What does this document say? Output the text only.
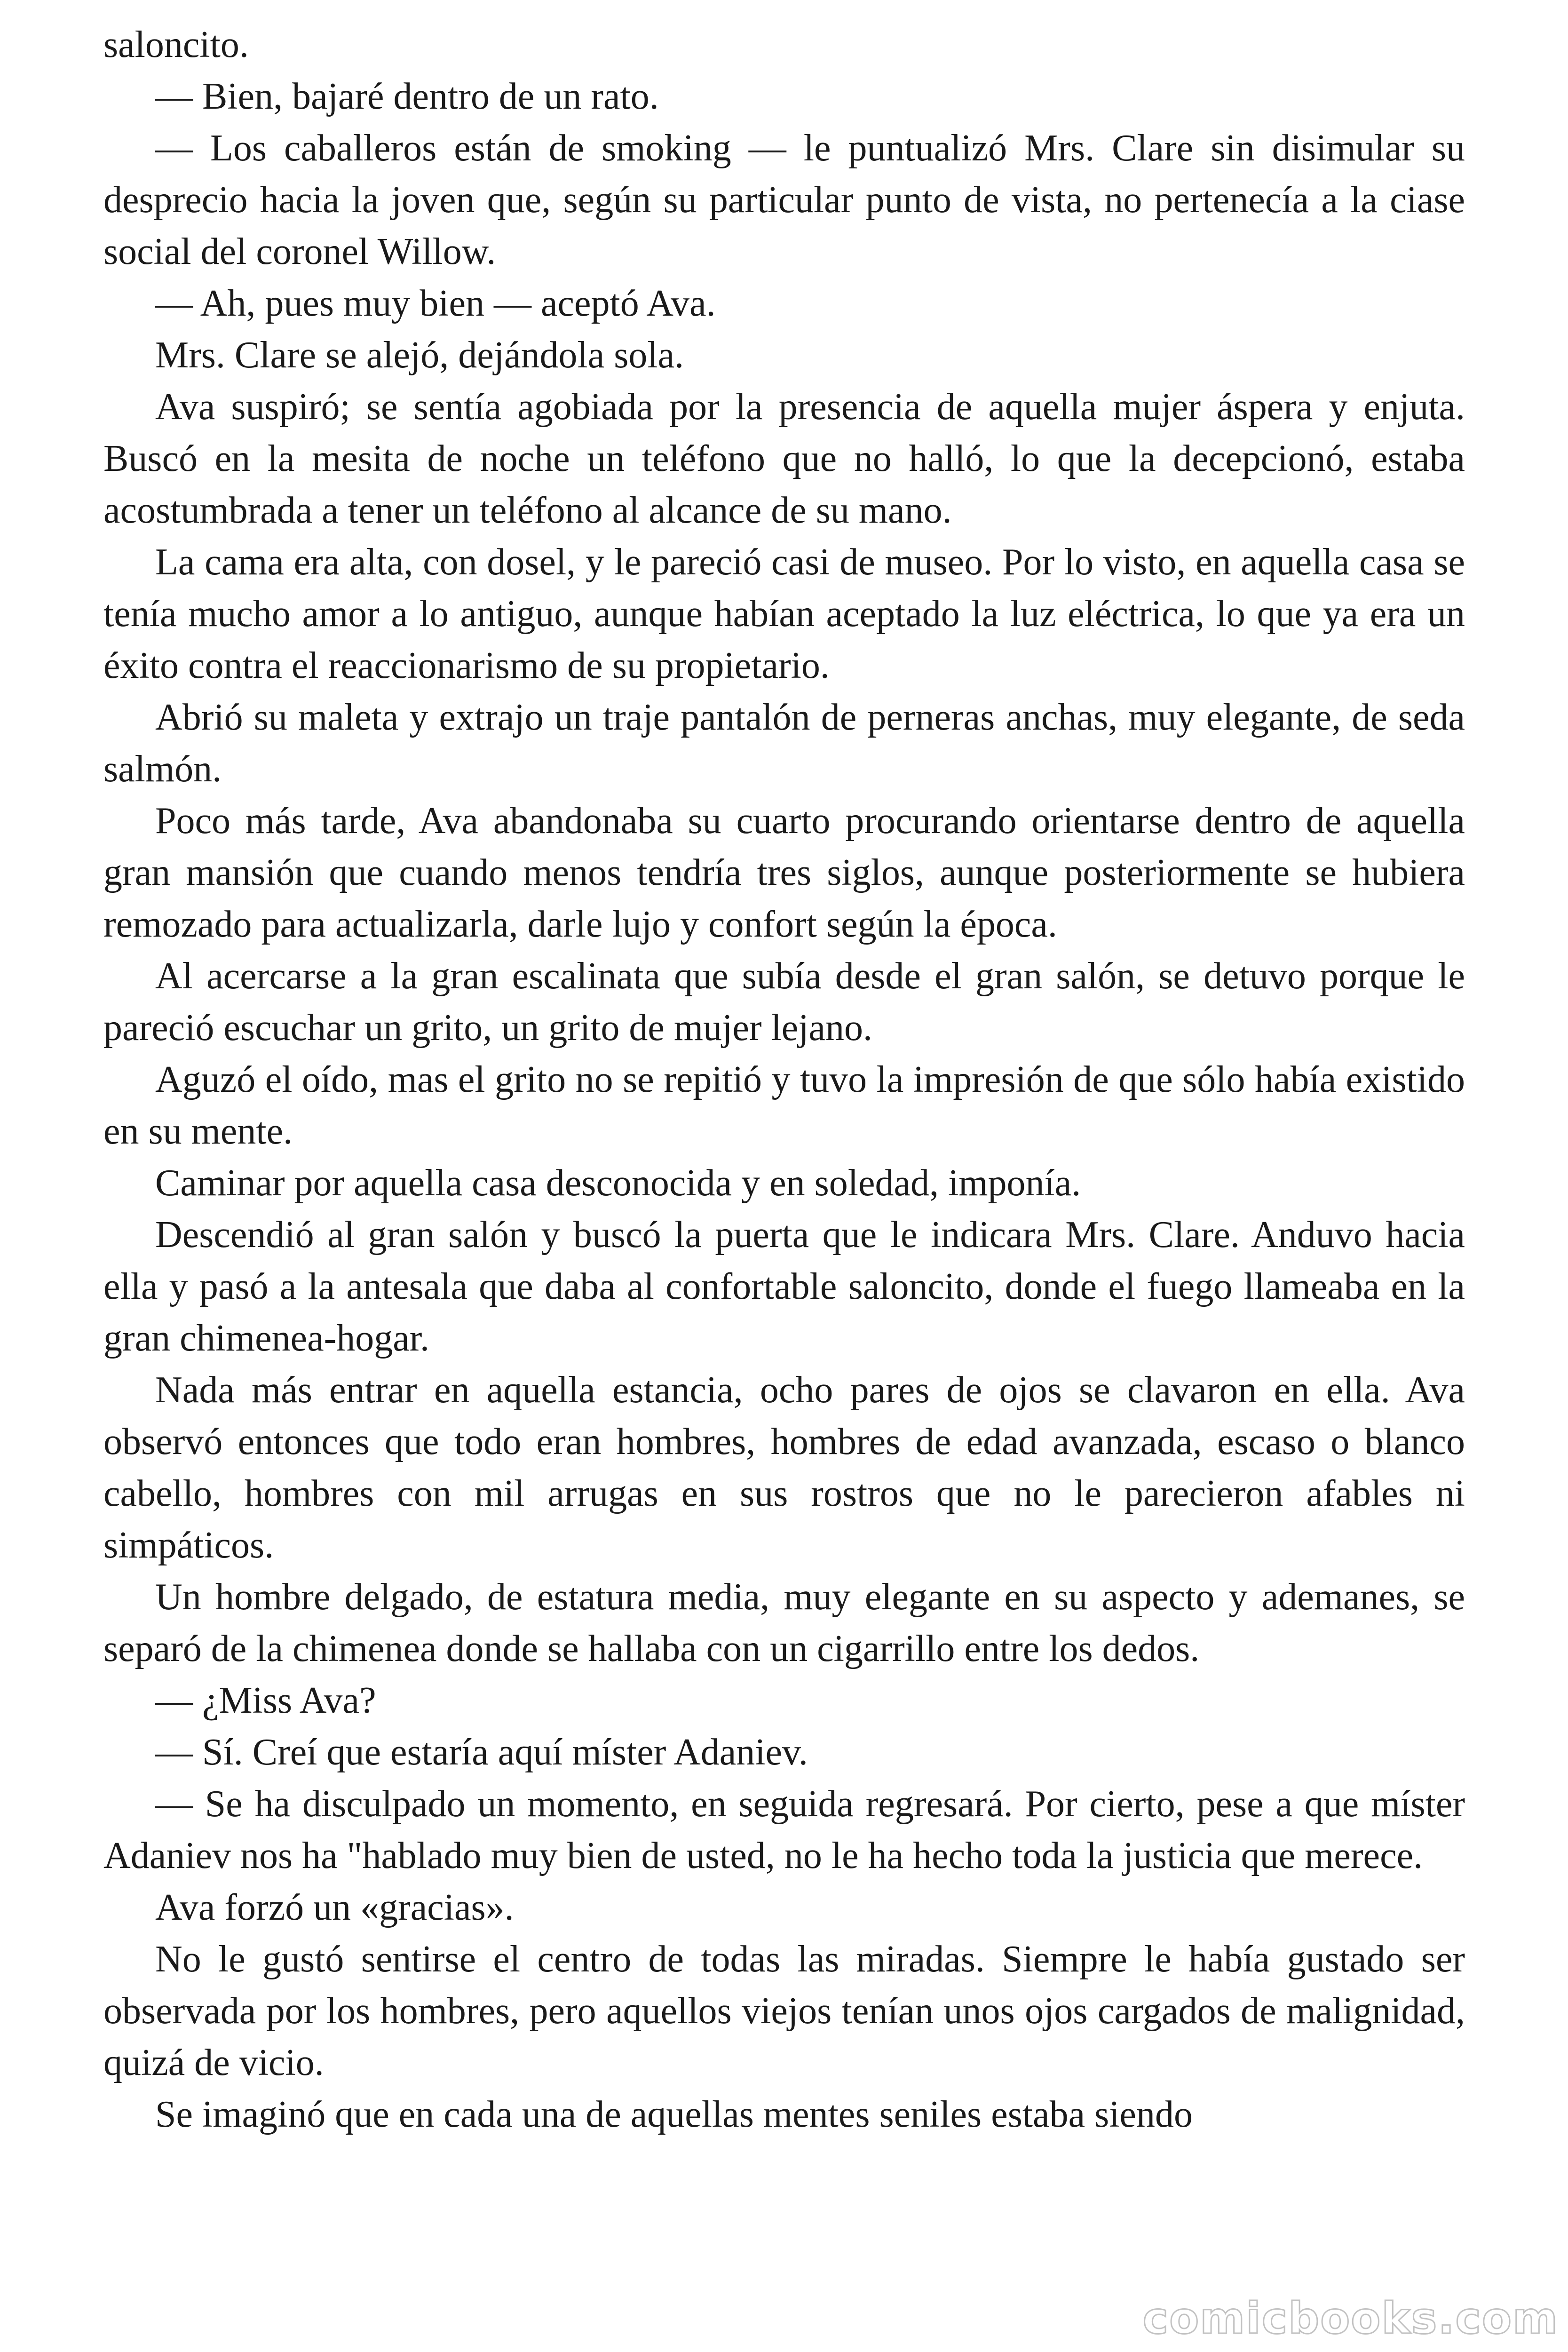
saloncito.

— Bien, bajaré dentro de un rato.

— Los caballeros están de smoking — le puntualizó Mrs. Clare sin disimular su desprecio hacia la joven que, según su particular punto de vista, no pertenecía a la ciase social del coronel Willow.

— Ah, pues muy bien — aceptó Ava.

Mrs. Clare se alejó, dejándola sola.

Ava suspiró; se sentía agobiada por la presencia de aquella mujer áspera y enjuta. Buscó en la mesita de noche un teléfono que no halló, lo que la decepcionó, estaba acostumbrada a tener un teléfono al alcance de su mano.

La cama era alta, con dosel, y le pareció casi de museo. Por lo visto, en aquella casa se tenía mucho amor a lo antiguo, aunque habían aceptado la luz eléctrica, lo que ya era un éxito contra el reaccionarismo de su propietario.

Abrió su maleta y extrajo un traje pantalón de perneras anchas, muy elegante, de seda salmón.

Poco más tarde, Ava abandonaba su cuarto procurando orientarse dentro de aquella gran mansión que cuando menos tendría tres siglos, aunque posteriormente se hubiera remozado para actualizarla, darle lujo y confort según la época.

Al acercarse a la gran escalinata que subía desde el gran salón, se detuvo porque le pareció escuchar un grito, un grito de mujer lejano.

Aguzó el oído, mas el grito no se repitió y tuvo la impresión de que sólo había existido en su mente.

Caminar por aquella casa desconocida y en soledad, imponía.

Descendió al gran salón y buscó la puerta que le indicara Mrs. Clare. Anduvo hacia ella y pasó a la antesala que daba al confortable saloncito, donde el fuego llameaba en la gran chimenea-hogar.

Nada más entrar en aquella estancia, ocho pares de ojos se clavaron en ella. Ava observó entonces que todo eran hombres, hombres de edad avanzada, escaso o blanco cabello, hombres con mil arrugas en sus rostros que no le parecieron afables ni simpáticos.

Un hombre delgado, de estatura media, muy elegante en su aspecto y ademanes, se separó de la chimenea donde se hallaba con un cigarrillo entre los dedos.

— ¿Miss Ava?

— Sí. Creí que estaría aquí míster Adaniev.

— Se ha disculpado un momento, en seguida regresará. Por cierto, pese a que míster Adaniev nos ha "hablado muy bien de usted, no le ha hecho toda la justicia que merece.

Ava forzó un «gracias».

No le gustó sentirse el centro de todas las miradas. Siempre le había gustado ser observada por los hombres, pero aquellos viejos tenían unos ojos cargados de malignidad, quizá de vicio.

Se imaginó que en cada una de aquellas mentes seniles estaba siendo

comicbooks.com
